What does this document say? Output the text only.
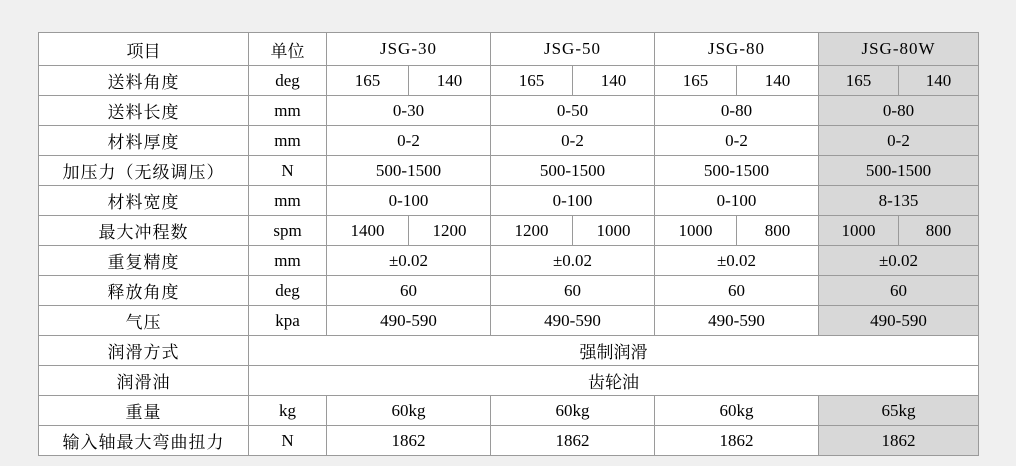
项目	单位	JSG-30	JSG-50	JSG-80	JSG-80W
送料角度	deg	165 140	165 140	165 140	165 140

送料长度	mm	0-30	0-50	0-80	0-80
材料厚度	mm	0-2	0-2	0-2	0-2
加压力（无级调压）	N	500-1500	500-1500	500-1500	500-1500
材料宽度	mm	0-100	0-100	0-100	8-135
最大冲程数	spm	1400 1200	1200 1000	1000 800	1000 800

重复精度	mm	±0.02	±0.02	±0.02	±0.02
释放角度	deg	60	60	60	60
气压	kpa	490-590	490-590	490-590	490-590
润滑方式	强制润滑				
润滑油	齿轮油				
重量	kg	60kg	60kg	60kg	65kg
输入轴最大弯曲扭力	N	1862	1862	1862	1862
